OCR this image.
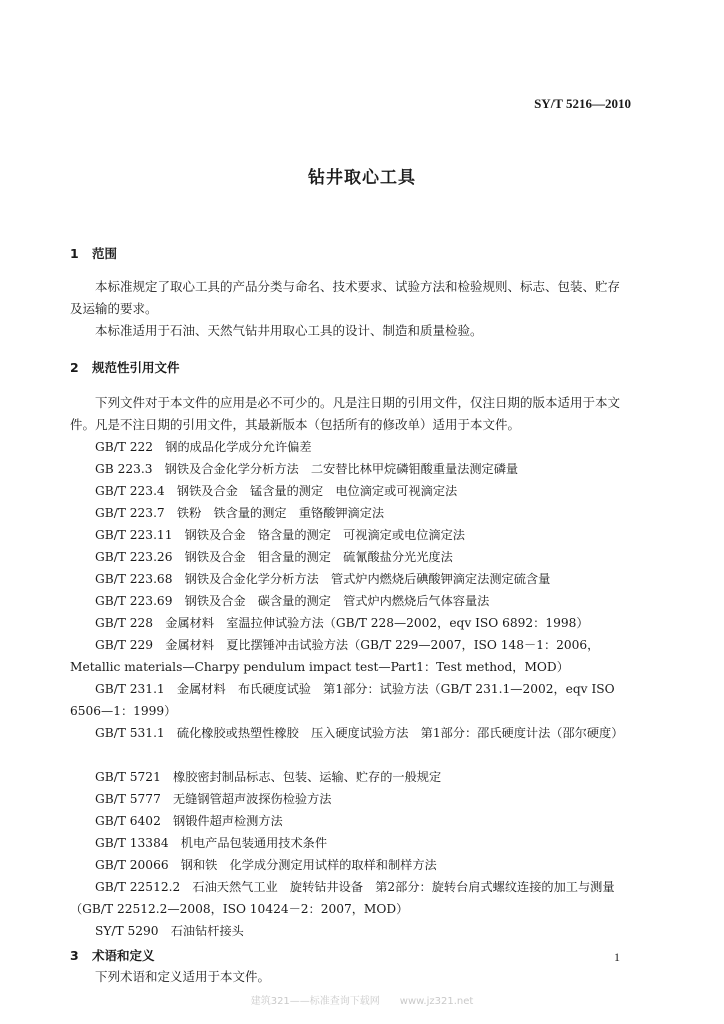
SY/T 5216—2010
钻井取心工具
1 范围
本标准规定了取心工具的产品分类与命名、技术要求、试验方法和检验规则、标志、包装、贮存及运输的要求。
本标准适用于石油、天然气钻井用取心工具的设计、制造和质量检验。
2 规范性引用文件
下列文件对于本文件的应用是必不可少的。凡是注日期的引用文件，仅注日期的版本适用于本文件。凡是不注日期的引用文件，其最新版本（包括所有的修改单）适用于本文件。
GB/T 222　 钢的成品化学成分允许偏差
GB 223.3　 钢铁及合金化学分析方法　二安替比林甲烷磷钼酸重量法测定磷量
GB/T 223.4　 钢铁及合金　锰含量的测定　电位滴定或可视滴定法
GB/T 223.7　 铁粉　铁含量的测定　重铬酸钾滴定法
GB/T 223.11　 钢铁及合金　铬含量的测定　可视滴定或电位滴定法
GB/T 223.26　 钢铁及合金　钼含量的测定　硫氰酸盐分光光度法
GB/T 223.68　 钢铁及合金化学分析方法　管式炉内燃烧后碘酸钾滴定法测定硫含量
GB/T 223.69　 钢铁及合金　碳含量的测定　管式炉内燃烧后气体容量法
GB/T 228　 金属材料　室温拉伸试验方法（GB/T 228—2002，eqv ISO 6892：1998）
GB/T 229　 金属材料　夏比摆锤冲击试验方法（GB/T 229—2007，ISO 148－1：2006，Metallic materials—Charpy pendulum impact test—Part1：Test method，MOD）
GB/T 231.1　 金属材料　布氏硬度试验　第1部分：试验方法（GB/T 231.1—2002，eqv ISO 6506—1：1999）
GB/T 531.1　 硫化橡胶或热塑性橡胶　压入硬度试验方法　第1部分：邵氏硬度计法（邵尔硬度）
GB/T 5721　 橡胶密封制品标志、包装、运输、贮存的一般规定
GB/T 5777　 无缝钢管超声波探伤检验方法
GB/T 6402　 钢锻件超声检测方法
GB/T 13384　 机电产品包装通用技术条件
GB/T 20066　 钢和铁　化学成分测定用试样的取样和制样方法
GB/T 22512.2　 石油天然气工业　旋转钻井设备　第2部分：旋转台肩式螺纹连接的加工与测量（GB/T 22512.2—2008，ISO 10424－2：2007，MOD）
SY/T 5290　 石油钻杆接头
1
建筑321——标准查询下载网　　www.jz321.net
3 术语和定义
下列术语和定义适用于本文件。
